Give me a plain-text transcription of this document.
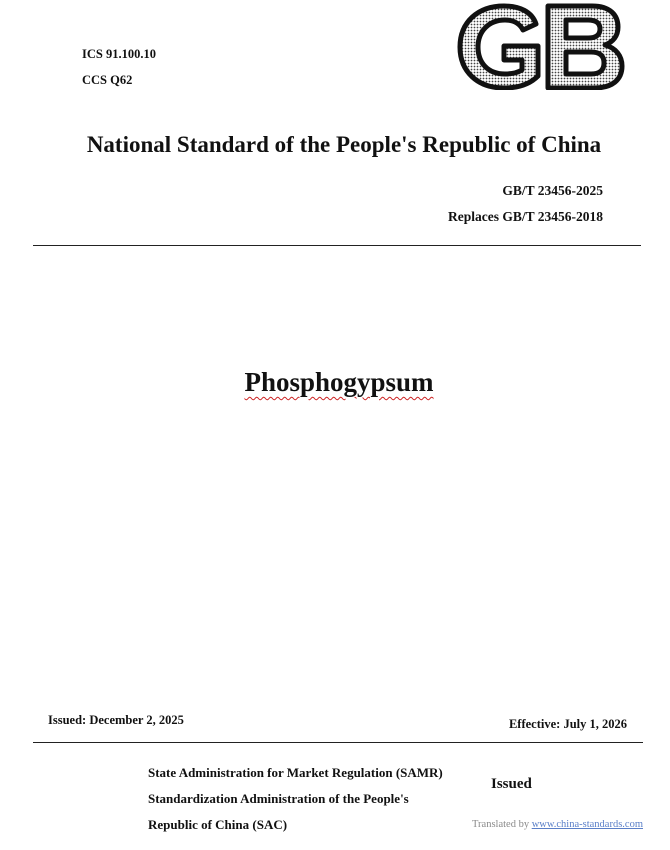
ICS 91.100.10
CCS Q62
National Standard of the People's Republic of China
GB/T 23456-2025
Replaces GB/T 23456-2018
Phosphogypsum
Issued: December 2, 2025	Effective: July 1, 2026
State Administration for Market Regulation (SAMR)
Standardization Administration of the People's
Republic of China (SAC)
Issued
Translated by www.china-standards.com
